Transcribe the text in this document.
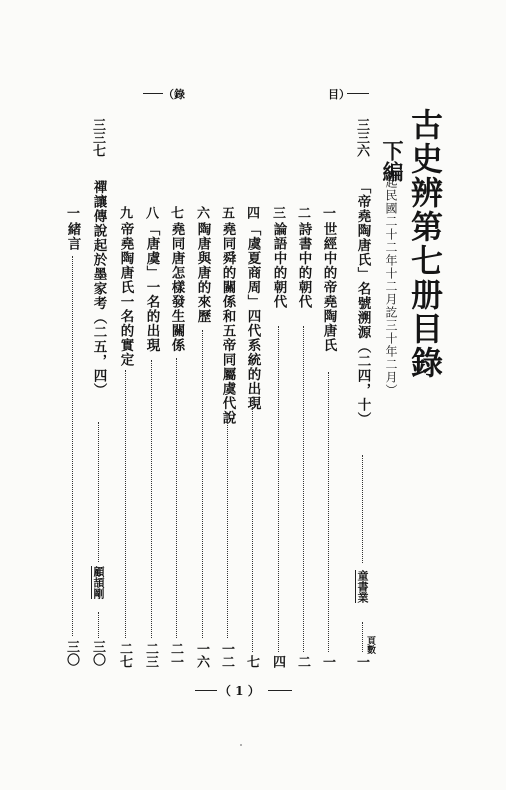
目）
（錄
古史辨第七册目錄
下編
（起民國二十二年十二月訖三十年二月）
頁數
三三六
「帝堯陶唐氏」名號溯源（二四，十）
童書業
一
一
世經中的帝堯陶唐氏
一
二
詩書中的朝代
二
三
論語中的朝代
四
四
「虞夏商周」四代系統的出現
七
五
堯同舜的關係和五帝同屬虞代說
一二
六
陶唐與唐的來歷
一六
七
堯同唐怎樣發生關係
二一
八
「唐虞」一名的出現
二三
九
帝堯陶唐氏一名的實定
二七
三三七
禪讓傳說起於墨家考（二五，四）
顧頡剛
三〇
一
緒言
三〇
（ 1 ）
